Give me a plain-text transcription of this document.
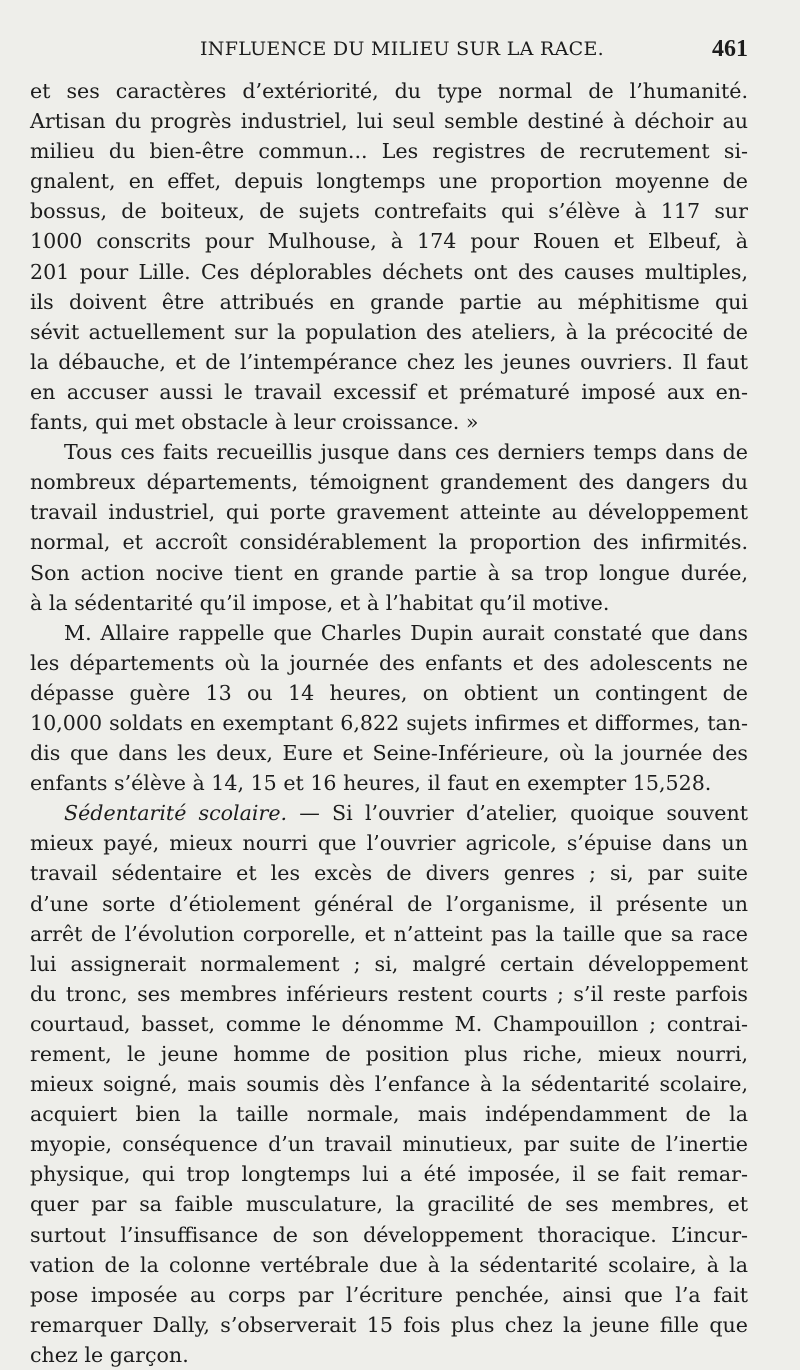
INFLUENCE DU MILIEU SUR LA RACE.	461

et ses caractères d’extériorité, du type normal de l’humanité.
Artisan du progrès industriel, lui seul semble destiné à déchoir au
milieu du bien-être commun... Les registres de recrutement si-
gnalent, en effet, depuis longtemps une proportion moyenne de
bossus, de boiteux, de sujets contrefaits qui s’élève à 117 sur
1000 conscrits pour Mulhouse, à 174 pour Rouen et Elbeuf, à
201 pour Lille. Ces déplorables déchets ont des causes multiples,
ils doivent être attribués en grande partie au méphitisme qui
sévit actuellement sur la population des ateliers, à la précocité de
la débauche, et de l’intempérance chez les jeunes ouvriers. Il faut
en accuser aussi le travail excessif et prématuré imposé aux en-
fants, qui met obstacle à leur croissance. »

Tous ces faits recueillis jusque dans ces derniers temps dans de
nombreux départements, témoignent grandement des dangers du
travail industriel, qui porte gravement atteinte au développement
normal, et accroît considérablement la proportion des infirmités.
Son action nocive tient en grande partie à sa trop longue durée,
à la sédentarité qu’il impose, et à l’habitat qu’il motive.

M. Allaire rappelle que Charles Dupin aurait constaté que dans
les départements où la journée des enfants et des adolescents ne
dépasse guère 13 ou 14 heures, on obtient un contingent de
10,000 soldats en exemptant 6,822 sujets infirmes et difformes, tan-
dis que dans les deux, Eure et Seine-Inférieure, où la journée des
enfants s’élève à 14, 15 et 16 heures, il faut en exempter 15,528.

Sédentarité scolaire. — Si l’ouvrier d’atelier, quoique souvent
mieux payé, mieux nourri que l’ouvrier agricole, s’épuise dans un
travail sédentaire et les excès de divers genres ; si, par suite
d’une sorte d’étiolement général de l’organisme, il présente un
arrêt de l’évolution corporelle, et n’atteint pas la taille que sa race
lui assignerait normalement ; si, malgré certain développement
du tronc, ses membres inférieurs restent courts ; s’il reste parfois
courtaud, basset, comme le dénomme M. Champouillon ; contrai-
rement, le jeune homme de position plus riche, mieux nourri,
mieux soigné, mais soumis dès l’enfance à la sédentarité scolaire,
acquiert bien la taille normale, mais indépendamment de la
myopie, conséquence d’un travail minutieux, par suite de l’inertie
physique, qui trop longtemps lui a été imposée, il se fait remar-
quer par sa faible musculature, la gracilité de ses membres, et
surtout l’insuffisance de son développement thoracique. L’incur-
vation de la colonne vertébrale due à la sédentarité scolaire, à la
pose imposée au corps par l’écriture penchée, ainsi que l’a fait
remarquer Dally, s’observerait 15 fois plus chez la jeune fille que
chez le garçon.
